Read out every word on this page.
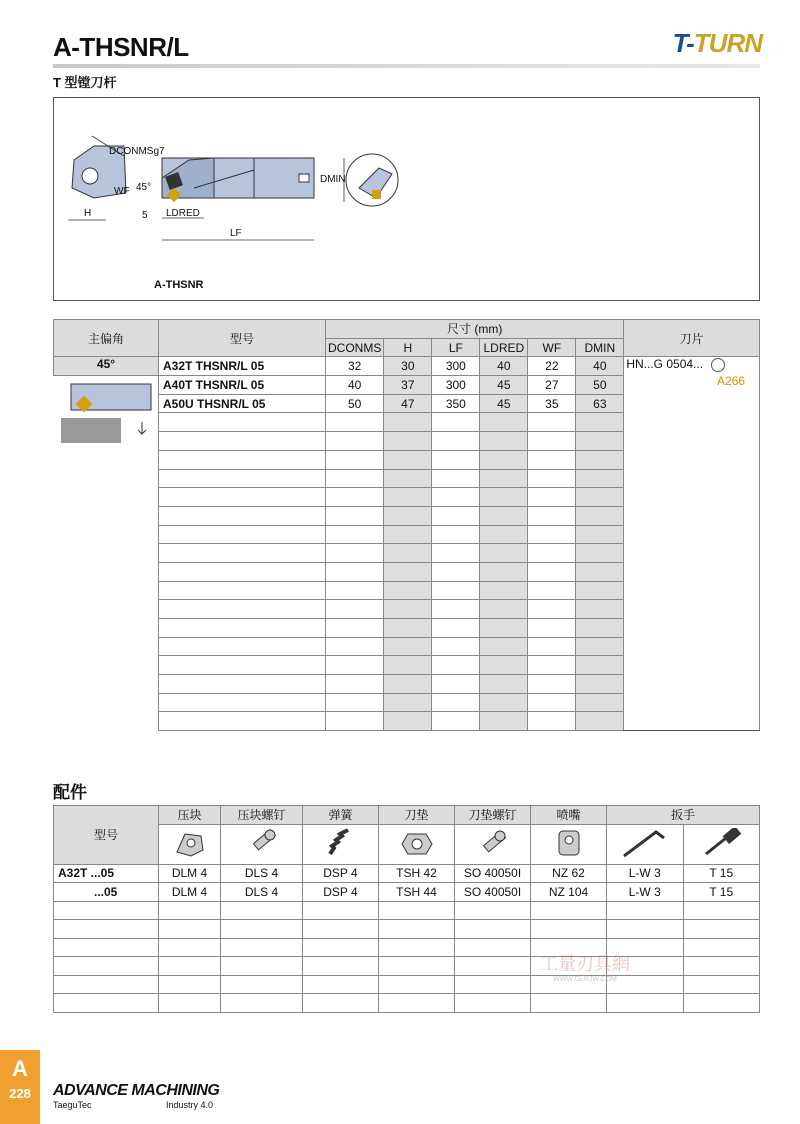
A-THSNR/L
T 型镗刀杆
T-TURN
DCONMSg7
WF 45°
H	5 LDRED
LF
DMIN
A-THSNR
主偏角	型号	尺寸 (mm)						刀片
		DCONMS	H	LF	LDRED	WF	DMIN	
45°	A32T THSNR/L 05	32	30	300	40	22	40	HN...G 0504...
A266

	A40T THSNR/L 05	40	37	300	45	27	50	
	A50U THSNR/L 05	50	47	350	45	35	63	

配件
型号	压块	压块螺钉	弹簧	刀垫	刀垫螺钉	喷嘴	扳手	

A32T ...05	DLM 4	DLS 4	DSP 4	TSH 42	SO 40050I	NZ 62	L-W 3	T 15
...05	DLM 4	DLS 4	DSP 4	TSH 44	SO 40050I	NZ 104	L-W 3	T 15

工量刃具網
WWW.GLRJW.COM
A
228	ADVANCE MACHINING
TaeguTec	Industry 4.0
